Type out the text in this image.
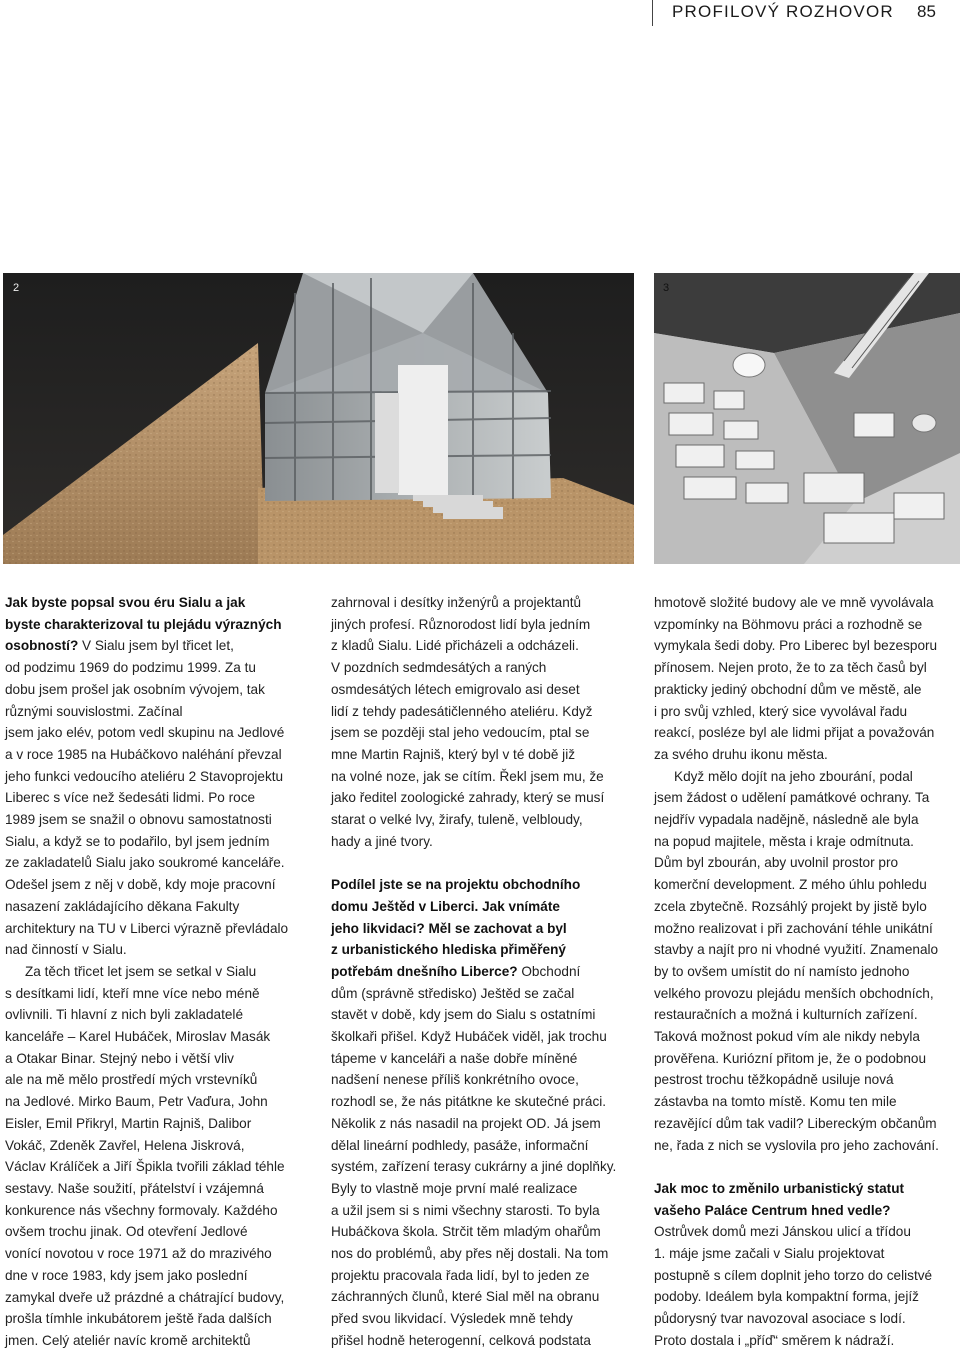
PROFILOVÝ ROZHOVOR 85
2	3

Jak byste popsal svou éru Sialu a jak
byste charakterizoval tu plejádu výrazných
osobností? V Sialu jsem byl třicet let,
od podzimu 1969 do podzimu 1999. Za tu
dobu jsem prošel jak osobním vývojem, tak
různými souvislostmi. Začínal
jsem jako elév, potom vedl skupinu na Jedlové
a v roce 1985 na Hubáčkovo naléhání převzal
jeho funkci vedoucího ateliéru 2 Stavoprojektu
Liberec s více než šedesáti lidmi. Po roce
1989 jsem se snažil o obnovu samostatnosti
Sialu, a když se to podařilo, byl jsem jedním
ze zakladatelů Sialu jako soukromé kanceláře.
Odešel jsem z něj v době, kdy moje pracovní
nasazení zakládajícího děkana Fakulty
architektury na TU v Liberci výrazně převládalo
nad činností v Sialu.

Za těch třicet let jsem se setkal v Sialu
s desítkami lidí, kteří mne více nebo méně
ovlivnili. Ti hlavní z nich byli zakladatelé
kanceláře – Karel Hubáček, Miroslav Masák
a Otakar Binar. Stejný nebo i větší vliv
ale na mě mělo prostředí mých vrstevníků
na Jedlové. Mirko Baum, Petr Vaďura, John
Eisler, Emil Přikryl, Martin Rajniš, Dalibor
Vokáč, Zdeněk Zavřel, Helena Jiskrová,
Václav Králíček a Jiří Špikla tvořili základ téhle
sestavy. Naše soužití, přátelství i vzájemná
konkurence nás všechny formovaly. Každého
ovšem trochu jinak. Od otevření Jedlové
vonící novotou v roce 1971 až do mrazivého
dne v roce 1983, kdy jsem jako poslední
zamykal dveře už prázdné a chátrající budovy,
prošla tímhle inkubátorem ještě řada dalších
jmen. Celý ateliér navíc kromě architektů

zahrnoval i desítky inženýrů a projektantů
jiných profesí. Různorodost lidí byla jedním
z kladů Sialu. Lidé přicházeli a odcházeli.
V pozdních sedmdesátých a raných
osmdesátých létech emigrovalo asi deset
lidí z tehdy padesátičlenného ateliéru. Když
jsem se později stal jeho vedoucím, ptal se
mne Martin Rajniš, který byl v té době již
na volné noze, jak se cítím. Řekl jsem mu, že
jako ředitel zoologické zahrady, který se musí
starat o velké lvy, žirafy, tuleně, velbloudy,
hady a jiné tvory.

Podílel jste se na projektu obchodního
domu Ještěd v Liberci. Jak vnímáte
jeho likvidaci? Měl se zachovat a byl
z urbanistického hlediska přiměřený
potřebám dnešního Liberce? Obchodní
dům (správně středisko) Ještěd se začal
stavět v době, kdy jsem do Sialu s ostatními
školkaři přišel. Když Hubáček viděl, jak trochu
tápeme v kanceláři a naše dobře míněné
nadšení nenese příliš konkrétního ovoce,
rozhodl se, že nás pitátkne ke skutečné práci.
Několik z nás nasadil na projekt OD. Já jsem
dělal lineární podhledy, pasáže, informační
systém, zařízení terasy cukrárny a jiné doplňky.
Byly to vlastně moje první malé realizace
a užil jsem si s nimi všechny starosti. To byla
Hubáčkova škola. Strčit těm mladým ohařům
nos do problémů, aby přes něj dostali. Na tom
projektu pracovala řada lidí, byl to jeden ze
záchranných člunů, které Sial měl na obranu
před svou likvidací. Výsledek mně tehdy
přišel hodně heterogenní, celková podstata

hmotově složité budovy ale ve mně vyvolávala
vzpomínky na Böhmovu práci a rozhodně se
vymykala šedi doby. Pro Liberec byl bezesporu
přínosem. Nejen proto, že to za těch časů byl
prakticky jediný obchodní dům ve městě, ale
i pro svůj vzhled, který sice vyvolával řadu
reakcí, posléze byl ale lidmi přijat a považován
za svého druhu ikonu města.

Když mělo dojít na jeho zbourání, podal
jsem žádost o udělení památkové ochrany. Ta
nejdřív vypadala nadějně, následně ale byla
na popud majitele, města i kraje odmítnuta.
Dům byl zbourán, aby uvolnil prostor pro
komerční development. Z mého úhlu pohledu
zcela zbytečně. Rozsáhlý projekt by jistě bylo
možno realizovat i při zachování téhle unikátní
stavby a najít pro ni vhodné využití. Znamenalo
by to ovšem umístit do ní namísto jednoho
velkého provozu plejádu menších obchodních,
restauračních a možná i kulturních zařízení.
Taková možnost pokud vím ale nikdy nebyla
prověřena. Kuriózní přitom je, že o podobnou
pestrost trochu těžkopádně usiluje nová
zástavba na tomto místě. Komu ten mile
rezavějící dům tak vadil? Libereckým občanům
ne, řada z nich se vyslovila pro jeho zachování.

Jak moc to změnilo urbanistický statut
vašeho Paláce Centrum hned vedle?
Ostrůvek domů mezi Jánskou ulicí a třídou
1. máje jsme začali v Sialu projektovat
postupně s cílem doplnit jeho torzo do celistvé
podoby. Ideálem byla kompaktní forma, jejíž
půdorysný tvar navozoval asociace s lodí.
Proto dostala i „příď“ směrem k nádraží.
